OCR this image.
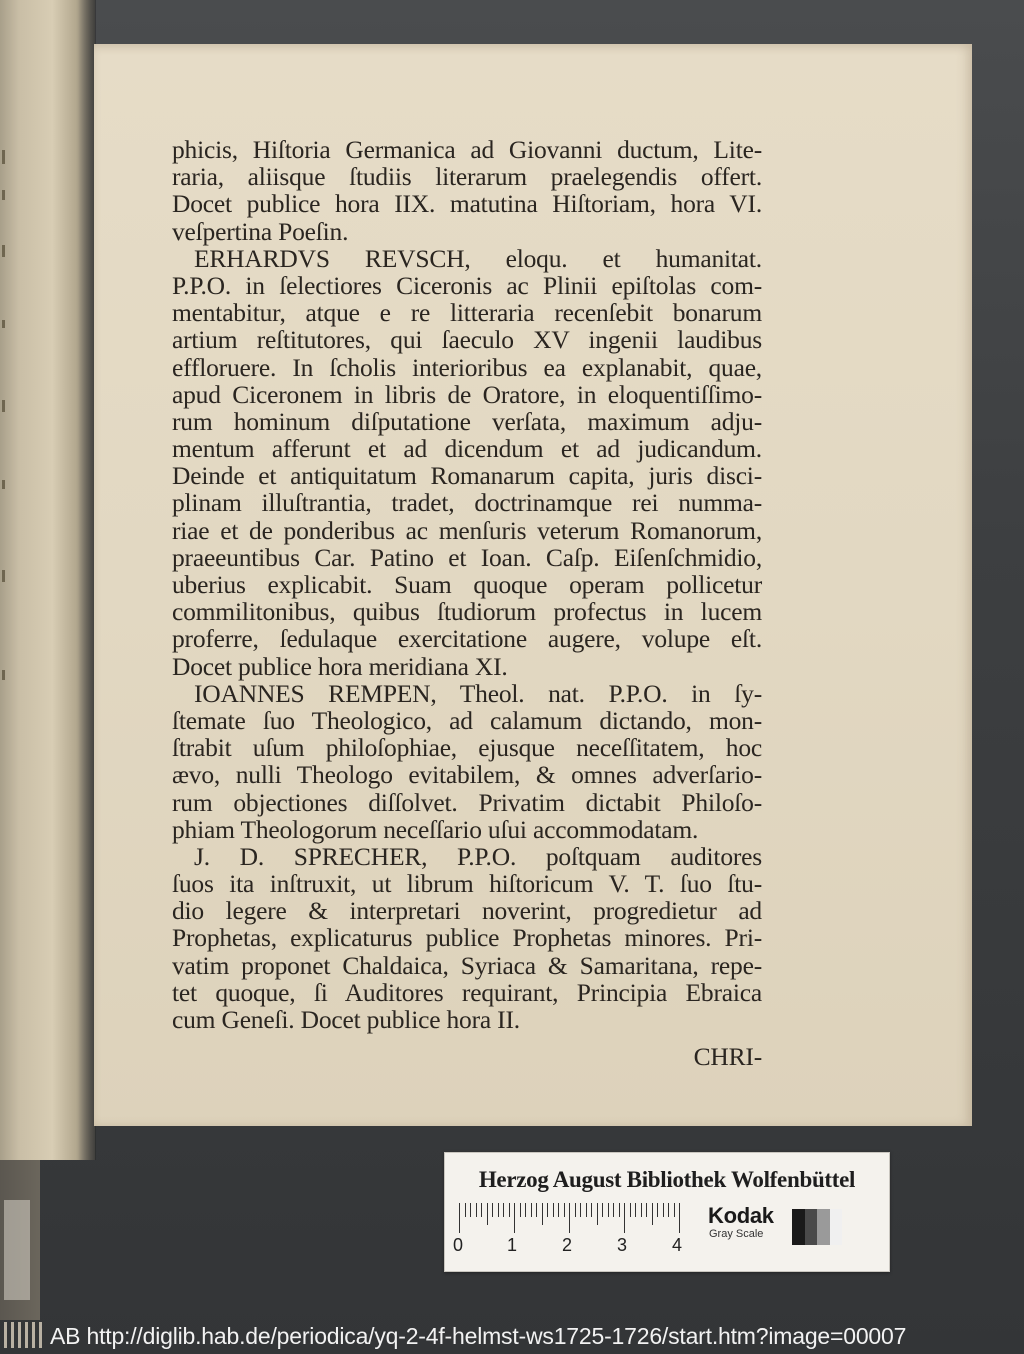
phicis, Hiſtoria Germanica ad Giovanni ductum, Lite-
raria, aliisque ſtudiis literarum praelegendis offert.
Docet publice hora IIX. matutina Hiſtoriam, hora VI.
veſpertina Poeſin.
ERHARDVS REVSCH, eloqu. et humanitat.
P.P.O. in ſelectiores Ciceronis ac Plinii epiſtolas com-
mentabitur, atque e re litteraria recenſebit bonarum
artium reſtitutores, qui ſaeculo XV ingenii laudibus
effloruere. In ſcholis interioribus ea explanabit, quae,
apud Ciceronem in libris de Oratore, in eloquentiſſimo-
rum hominum diſputatione verſata, maximum adju-
mentum afferunt et ad dicendum et ad judicandum.
Deinde et antiquitatum Romanarum capita, juris disci-
plinam illuſtrantia, tradet, doctrinamque rei numma-
riae et de ponderibus ac menſuris veterum Romanorum,
praeeuntibus Car. Patino et Ioan. Caſp. Eiſenſchmidio,
uberius explicabit. Suam quoque operam pollicetur
commilitonibus, quibus ſtudiorum profectus in lucem
proferre, ſedulaque exercitatione augere, volupe eſt.
Docet publice hora meridiana XI.
IOANNES REMPEN, Theol. nat. P.P.O. in ſy-
ſtemate ſuo Theologico, ad calamum dictando, mon-
ſtrabit uſum philoſophiae, ejusque neceſſitatem, hoc
ævo, nulli Theologo evitabilem, & omnes adverſario-
rum objectiones diſſolvet. Privatim dictabit Philoſo-
phiam Theologorum neceſſario uſui accommodatam.
J. D. SPRECHER, P.P.O. poſtquam auditores
ſuos ita inſtruxit, ut librum hiſtoricum V. T. ſuo ſtu-
dio legere & interpretari noverint, progredietur ad
Prophetas, explicaturus publice Prophetas minores. Pri-
vatim proponet Chaldaica, Syriaca & Samaritana, repe-
tet quoque, ſi Auditores requirant, Principia Ebraica
cum Geneſi. Docet publice hora II.
CHRI-
Herzog August Bibliothek Wolfenbüttel
0 1 2 3 4
Kodak
Gray Scale
AB http://diglib.hab.de/periodica/yq-2-4f-helmst-ws1725-1726/start.htm?image=00007
